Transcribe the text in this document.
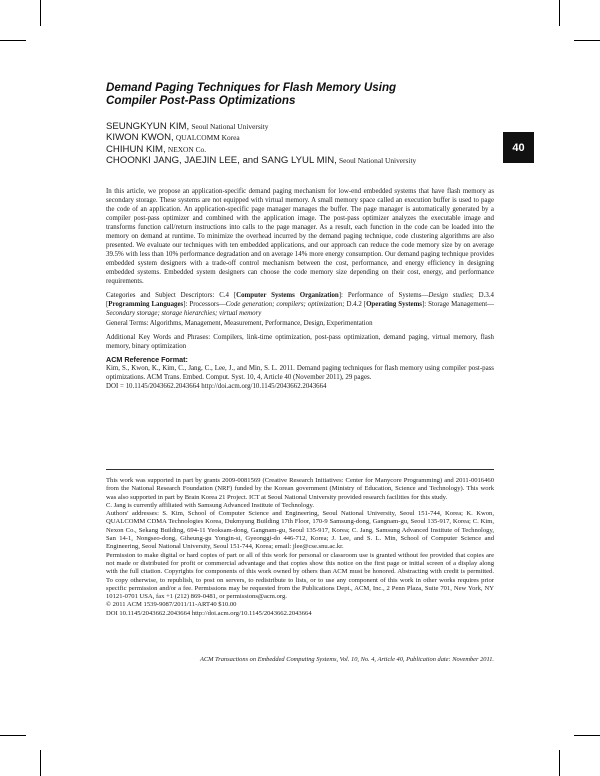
Demand Paging Techniques for Flash Memory Using Compiler Post-Pass Optimizations
SEUNGKYUN KIM, Seoul National University
KIWON KWON, QUALCOMM Korea
CHIHUN KIM, NEXON Co.
CHOONKI JANG, JAEJIN LEE, and SANG LYUL MIN, Seoul National University
40

In this article, we propose an application-specific demand paging mechanism for low-end embedded systems that have flash memory as secondary storage. These systems are not equipped with virtual memory. A small memory space called an execution buffer is used to page the code of an application. An application-specific page manager manages the buffer. The page manager is automatically generated by a compiler post-pass optimizer and combined with the application image. The post-pass optimizer analyzes the executable image and transforms function call/return instructions into calls to the page manager. As a result, each function in the code can be loaded into the memory on demand at runtime. To minimize the overhead incurred by the demand paging technique, code clustering algorithms are also presented. We evaluate our techniques with ten embedded applications, and our approach can reduce the code memory size by on average 39.5% with less than 10% performance degradation and on average 14% more energy consumption. Our demand paging technique provides embedded system designers with a trade-off control mechanism between the cost, performance, and energy efficiency in designing embedded systems. Embedded system designers can choose the code memory size depending on their cost, energy, and performance requirements.

Categories and Subject Descriptors: C.4 [Computer Systems Organization]: Performance of Systems—Design studies; D.3.4 [Programming Languages]: Processors—Code generation; compilers; optimization; D.4.2 [Operating Systems]: Storage Management—Secondary storage; storage hierarchies; virtual memory

General Terms: Algorithms, Management, Measurement, Performance, Design, Experimentation

Additional Key Words and Phrases: Compilers, link-time optimization, post-pass optimization, demand paging, virtual memory, flash memory, binary optimization

ACM Reference Format:

Kim, S., Kwon, K., Kim, C., Jang, C., Lee, J., and Min, S. L. 2011. Demand paging techniques for flash memory using compiler post-pass optimizations. ACM Trans. Embed. Comput. Syst. 10, 4, Article 40 (November 2011), 29 pages.

DOI = 10.1145/2043662.2043664 http://doi.acm.org/10.1145/2043662.2043664

This work was supported in part by grants 2009-0081569 (Creative Research Initiatives: Center for Manycore Programming) and 2011-0016460 from the National Research Foundation (NRF) funded by the Korean government (Ministry of Education, Science and Technology). This work was also supported in part by Brain Korea 21 Project. ICT at Seoul National University provided research facilities for this study.

C. Jang is currently affiliated with Samsung Advanced Institute of Technology.

Authors' addresses: S. Kim, School of Computer Science and Engineering, Seoul National University, Seoul 151-744, Korea; K. Kwon, QUALCOMM CDMA Technologies Korea, Dukmyung Building 17th Floor, 170-9 Samsung-dong, Gangnam-gu, Seoul 135-917, Korea; C. Kim, Nexon Co., Sekang Building, 694-11 Yeoksam-dong, Gangnam-gu, Seoul 135-917, Korea; C. Jang, Samsung Advanced Institute of Technology, San 14-1, Nongseo-dong, Giheung-gu Yongin-si, Gyeonggi-do 446-712, Korea; J. Lee, and S. L. Min, School of Computer Science and Engineering, Seoul National University, Seoul 151-744, Korea; email: jlee@cse.snu.ac.kr.

Permission to make digital or hard copies of part or all of this work for personal or classroom use is granted without fee provided that copies are not made or distributed for profit or commercial advantage and that copies show this notice on the first page or initial screen of a display along with the full citation. Copyrights for components of this work owned by others than ACM must be honored. Abstracting with credit is permitted. To copy otherwise, to republish, to post on servers, to redistribute to lists, or to use any component of this work in other works requires prior specific permission and/or a fee. Permissions may be requested from the Publications Dept., ACM, Inc., 2 Penn Plaza, Suite 701, New York, NY 10121-0701 USA, fax +1 (212) 869-0481, or permissions@acm.org.

© 2011 ACM 1539-9087/2011/11-ART40 $10.00

DOI 10.1145/2043662.2043664 http://doi.acm.org/10.1145/2043662.2043664

ACM Transactions on Embedded Computing Systems, Vol. 10, No. 4, Article 40, Publication date: November 2011.
